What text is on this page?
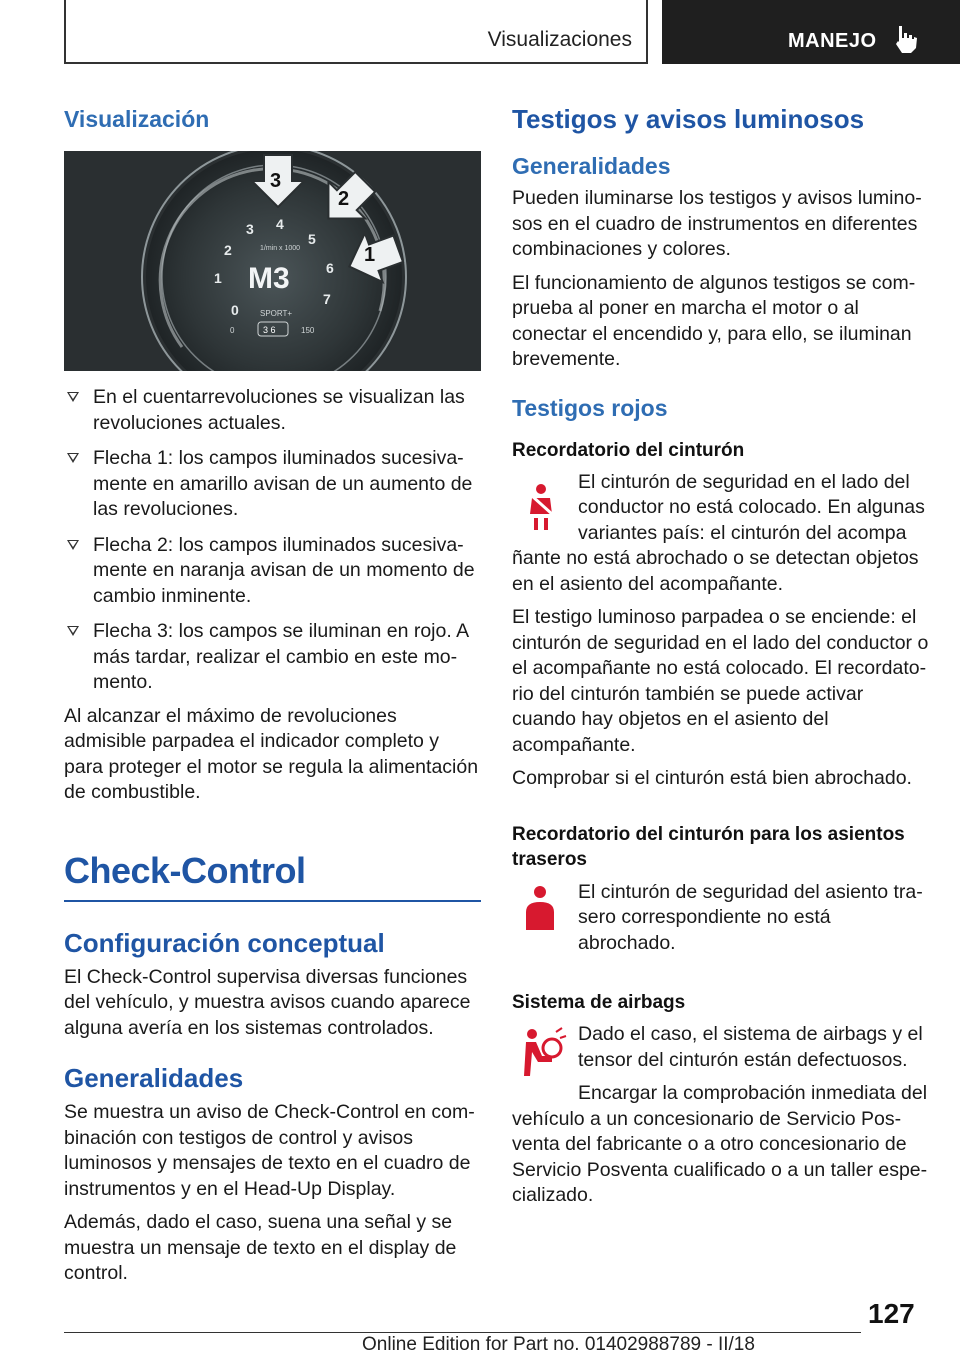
Visualizaciones	MANEJO
Visualización
0
1
2
3 4
5
6
7
1/min x 1000
M3
SPORT+
3 6
0	150
3
2
1
En el cuentarrevoluciones se visualizan las revoluciones actuales.
Flecha 1: los campos iluminados sucesivamente en amarillo avisan de un aumento de las revoluciones.
Flecha 2: los campos iluminados sucesivamente en naranja avisan de un momento de cambio inminente.
Flecha 3: los campos se iluminan en rojo. A más tardar, realizar el cambio en este momento.

Al alcanzar el máximo de revoluciones admisible parpadea el indicador completo y para proteger el motor se regula la alimentación de combustible.

Check-Control
Configuración conceptual

El Check-Control supervisa diversas funciones del vehículo, y muestra avisos cuando aparece alguna avería en los sistemas controlados.

Generalidades

Se muestra un aviso de Check-Control en combinación con testigos de control y avisos luminosos y mensajes de texto en el cuadro de instrumentos y en el Head-Up Display.

Además, dado el caso, suena una señal y se muestra un mensaje de texto en el display de control.

Testigos y avisos luminosos
Generalidades

Pueden iluminarse los testigos y avisos luminosos en el cuadro de instrumentos en diferentes combinaciones y colores.

El funcionamiento de algunos testigos se comprueba al poner en marcha el motor o al conectar el encendido y, para ello, se iluminan brevemente.

Testigos rojos
Recordatorio del cinturón

El cinturón de seguridad en el lado del conductor no está colocado. En algunas variantes país: el cinturón del acompa

ñante no está abrochado o se detectan objetos en el asiento del acompañante.

El testigo luminoso parpadea o se enciende: el cinturón de seguridad en el lado del conductor o el acompañante no está colocado. El recordatorio del cinturón también se puede activar cuando hay objetos en el asiento del acompañante.

Comprobar si el cinturón está bien abrochado.

Recordatorio del cinturón para los asientos traseros

El cinturón de seguridad del asiento trasero correspondiente no está abrochado.

Sistema de airbags

Dado el caso, el sistema de airbags y el tensor del cinturón están defectuosos.

Encargar la comprobación inmediata del

vehículo a un concesionario de Servicio Posventa del fabricante o a otro concesionario de Servicio Posventa cualificado o a un taller especializado.

127
Online Edition for Part no. 01402988789 - II/18
